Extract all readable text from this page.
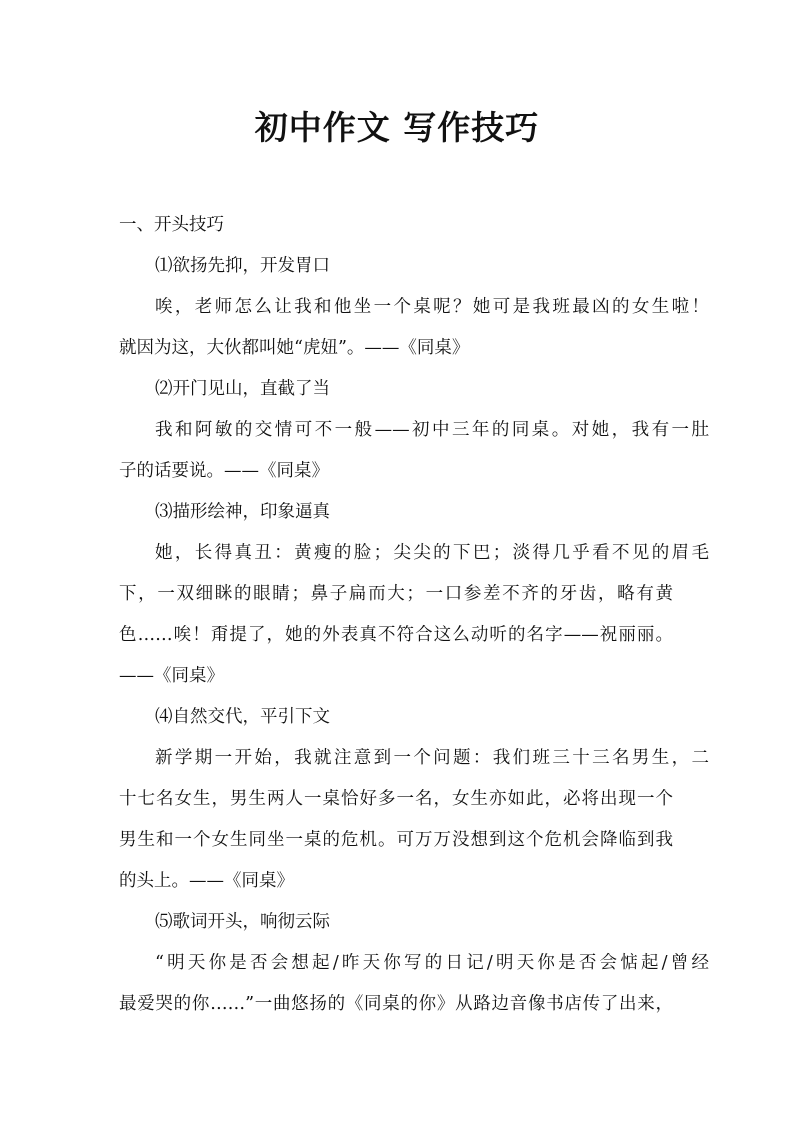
初中作文 写作技巧
一、开头技巧
⑴欲扬先抑，开发胃口
唉，老师怎么让我和他坐一个桌呢？她可是我班最凶的女生啦！
就因为这，大伙都叫她“虎妞”。——《同桌》
⑵开门见山，直截了当
我和阿敏的交情可不一般——初中三年的同桌。对她，我有一肚
子的话要说。——《同桌》
⑶描形绘神，印象逼真
她，长得真丑：黄瘦的脸；尖尖的下巴；淡得几乎看不见的眉毛
下，一双细眯的眼睛；鼻子扁而大；一口参差不齐的牙齿，略有黄
色……唉！甭提了，她的外表真不符合这么动听的名字——祝丽丽。
——《同桌》
⑷自然交代，平引下文
新学期一开始，我就注意到一个问题：我们班三十三名男生，二
十七名女生，男生两人一桌恰好多一名，女生亦如此，必将出现一个
男生和一个女生同坐一桌的危机。可万万没想到这个危机会降临到我
的头上。——《同桌》
⑸歌词开头，响彻云际
“明天你是否会想起/昨天你写的日记/明天你是否会惦起/曾经
最爱哭的你……”一曲悠扬的《同桌的你》从路边音像书店传了出来，
